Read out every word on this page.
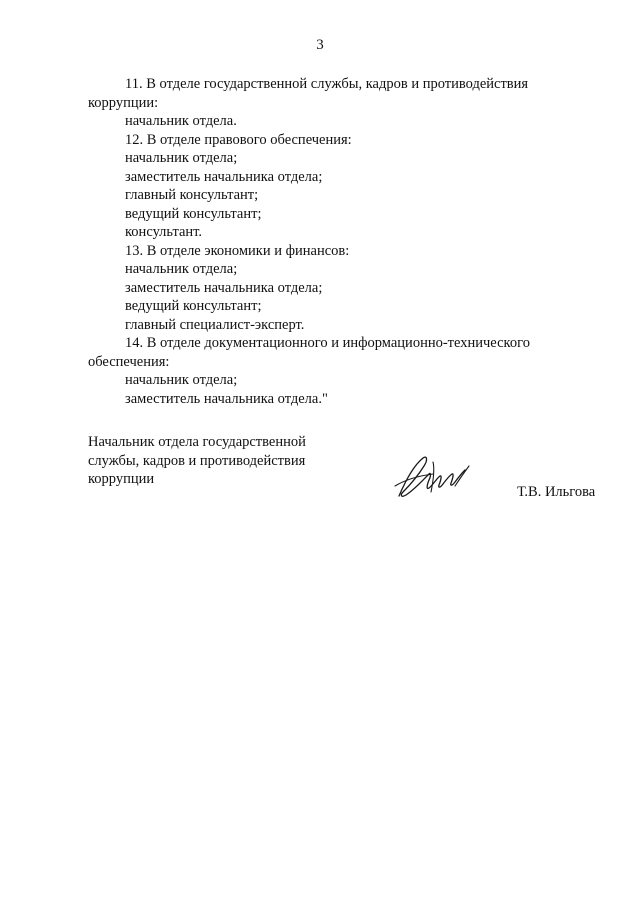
3
11. В отделе государственной службы, кадров и противодействия
коррупции:
начальник отдела.
12. В отделе правового обеспечения:
начальник отдела;
заместитель начальника отдела;
главный консультант;
ведущий консультант;
консультант.
13. В отделе экономики и финансов:
начальник отдела;
заместитель начальника отдела;
ведущий консультант;
главный специалист-эксперт.
14. В отделе документационного и информационно-технического
обеспечения:
начальник отдела;
заместитель начальника отдела."
Начальник отдела государственной
службы, кадров и противодействия
коррупции
Т.В. Ильгова
